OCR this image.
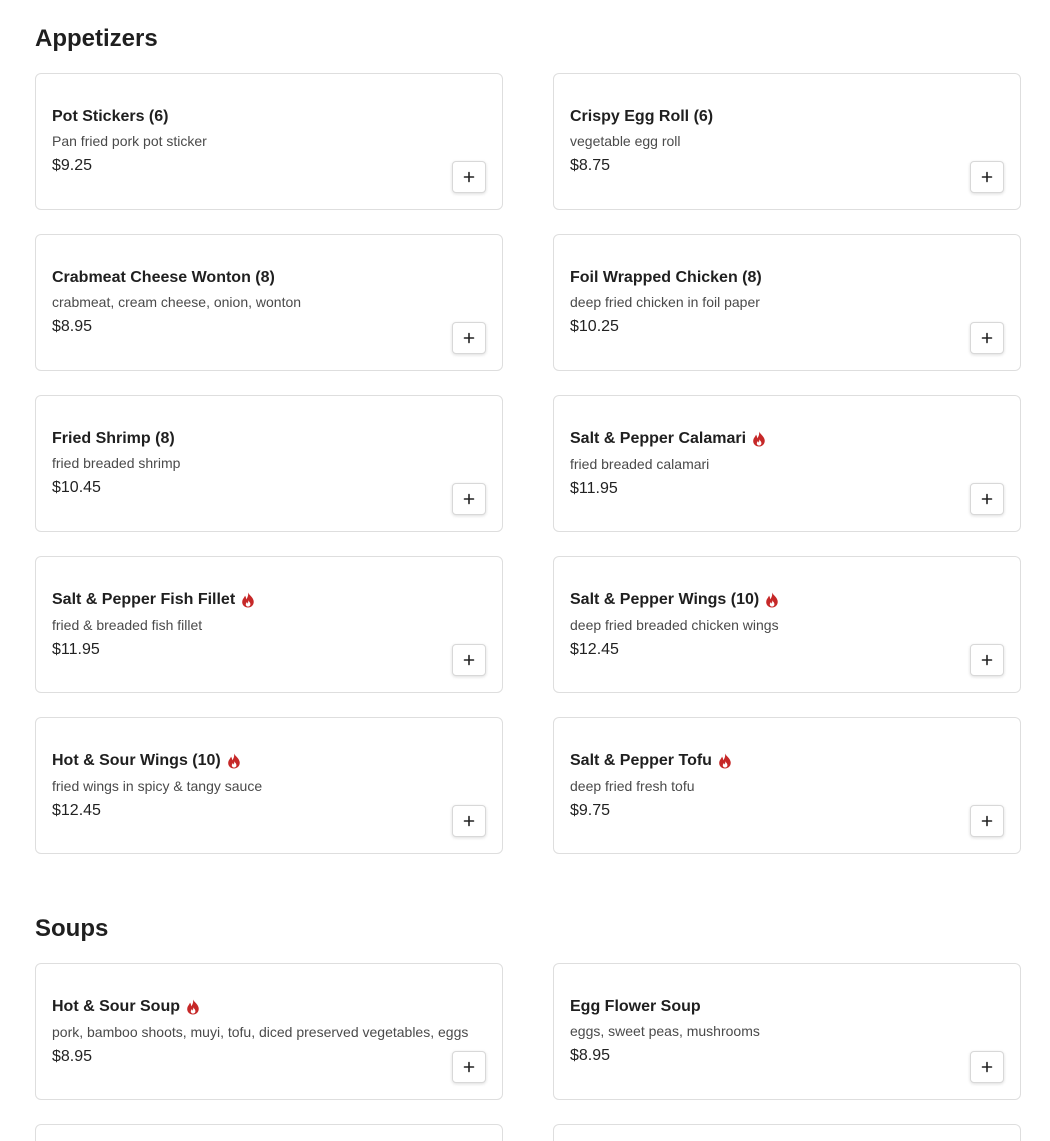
Appetizers
Pot Stickers (6)
Pan fried pork pot sticker
$9.25
Crispy Egg Roll (6)
vegetable egg roll
$8.75
Crabmeat Cheese Wonton (8)
crabmeat, cream cheese, onion, wonton
$8.95
Foil Wrapped Chicken (8)
deep fried chicken in foil paper
$10.25
Fried Shrimp (8)
fried breaded shrimp
$10.45
Salt & Pepper Calamari
fried breaded calamari
$11.95
Salt & Pepper Fish Fillet
fried & breaded fish fillet
$11.95
Salt & Pepper Wings (10)
deep fried breaded chicken wings
$12.45
Hot & Sour Wings (10)
fried wings in spicy & tangy sauce
$12.45
Salt & Pepper Tofu
deep fried fresh tofu
$9.75
Soups
Hot & Sour Soup
pork, bamboo shoots, muyi, tofu, diced preserved vegetables, eggs
$8.95
Egg Flower Soup
eggs, sweet peas, mushrooms
$8.95
